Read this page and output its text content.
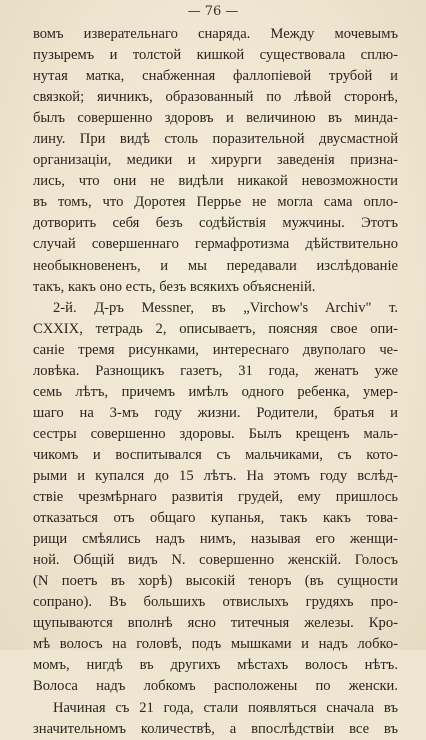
— 76 —
вомъ изверательнаго снаряда. Между мочевымъ
пузыремъ и толстой кишкой существовала сплю-
нутая матка, снабженная фаллопіевой трубой и
связкой; яичникъ, образованный по лѣвой сторонѣ,
былъ совершенно здоровъ и величиною въ минда-
лину. При видѣ столь поразительной двусмастной
организаціи, медики и хирурги заведенія призна-
лись, что они не видѣли никакой невозможности
въ томъ, что Доротея Перрье не могла сама опло-
дотворить себя безъ содѣйствія мужчины. Этотъ
случай совершеннаго гермафротизма дѣйствительно
необыкновененъ, и мы передавали изслѣдованіе
такъ, какъ оно есть, безъ всякихъ объясненій.
2-й. Д-ръ Messner, въ „Virchow's Archiv" т.
CXXIX, тетрадь 2, описываетъ, поясняя свое опи-
саніе тремя рисунками, интереснаго двуполаго че-
ловѣка. Разнощикъ газетъ, 31 года, женатъ уже
семь лѣтъ, причемъ имѣлъ одного ребенка, умер-
шаго на 3-мъ году жизни. Родители, братья и
сестры совершенно здоровы. Былъ крещенъ маль-
чикомъ и воспитывался съ мальчиками, съ кото-
рыми и купался до 15 лѣтъ. На этомъ году вслѣд-
ствіе чрезмѣрнаго развитія грудей, ему пришлось
отказаться отъ общаго купанья, такъ какъ това-
рищи смѣялись надъ нимъ, называя его женщи-
ной. Общій видъ N. совершенно женскій. Голосъ
(N поетъ въ хорѣ) высокій теноръ (въ сущности
сопрано). Въ большихъ отвислыхъ грудяхъ про-
щупываются вполнѣ ясно титечныя железы. Кро-
мѣ волосъ на головѣ, подъ мышками и надъ лобко-
момъ, нигдѣ въ другихъ мѣстахъ волосъ нѣтъ.
Волоса надъ лобкомъ расположены по женски.
Начиная съ 21 года, стали появляться сначала въ
значительномъ количествѣ, а впослѣдствіи все въ
